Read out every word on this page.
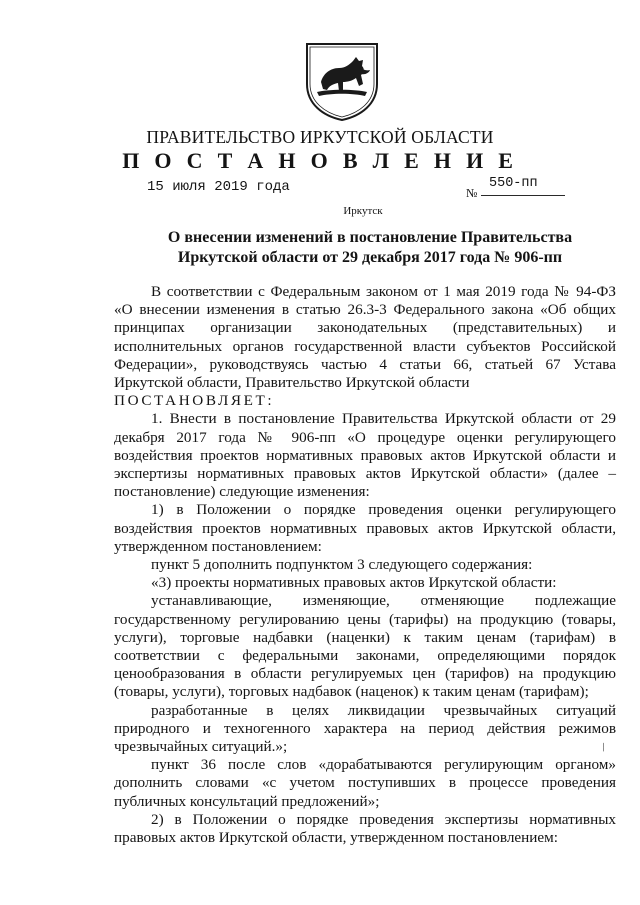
ПРАВИТЕЛЬСТВО ИРКУТСКОЙ ОБЛАСТИ
П О С Т А Н О В Л Е Н И Е
15 июля 2019 года	№
550-пп
Иркутск
О внесении изменений в постановление Правительства Иркутской области от 29 декабря 2017 года № 906-пп

В соответствии с Федеральным законом от 1 мая 2019 года № 94-ФЗ «О внесении изменения в статью 26.3-3 Федерального закона «Об общих принципах организации законодательных (представительных) и исполнительных органов государственной власти субъектов Российской Федерации», руководствуясь частью 4 статьи 66, статьей 67 Устава Иркутской области, Правительство Иркутской области

ПОСТАНОВЛЯЕТ:

1. Внести в постановление Правительства Иркутской области от 29 декабря 2017 года № 906-пп «О процедуре оценки регулирующего воздействия проектов нормативных правовых актов Иркутской области и экспертизы нормативных правовых актов Иркутской области» (далее – постановление) следующие изменения:

1) в Положении о порядке проведения оценки регулирующего воздействия проектов нормативных правовых актов Иркутской области, утвержденном постановлением:

пункт 5 дополнить подпунктом 3 следующего содержания:

«3) проекты нормативных правовых актов Иркутской области:

устанавливающие, изменяющие, отменяющие подлежащие государственному регулированию цены (тарифы) на продукцию (товары, услуги), торговые надбавки (наценки) к таким ценам (тарифам) в соответствии с федеральными законами, определяющими порядок ценообразования в области регулируемых цен (тарифов) на продукцию (товары, услуги), торговых надбавок (наценок) к таким ценам (тарифам);

разработанные в целях ликвидации чрезвычайных ситуаций природного и техногенного характера на период действия режимов чрезвычайных ситуаций.»;

пункт 36 после слов «дорабатываются регулирующим органом» дополнить словами «с учетом поступивших в процессе проведения публичных консультаций предложений»;

2) в Положении о порядке проведения экспертизы нормативных правовых актов Иркутской области, утвержденном постановлением:

/
